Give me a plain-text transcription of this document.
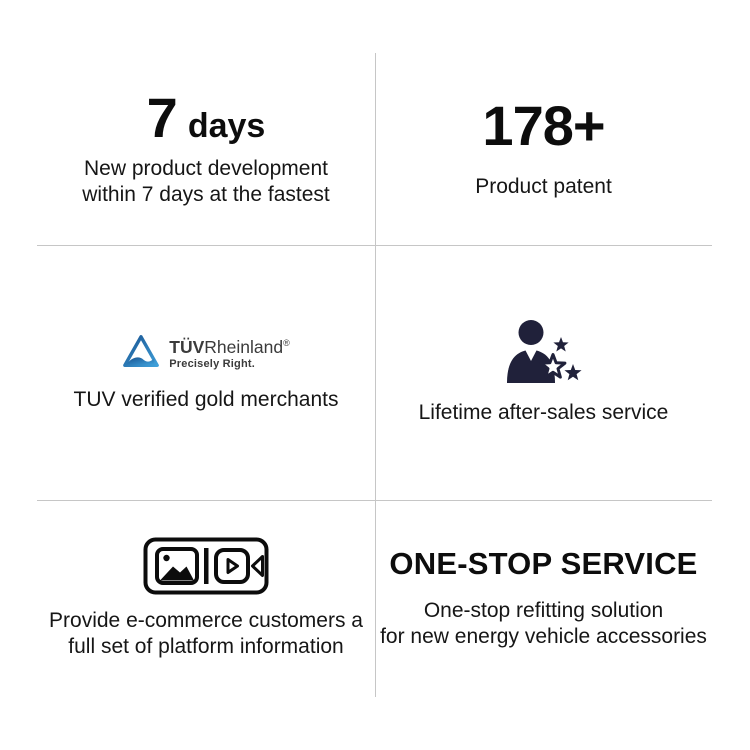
7 days

New product development
within 7 days at the fastest

178+

Product patent

TÜVRheinland®
Precisely Right.

TUV verified gold merchants

Lifetime after-sales service

Provide e-commerce customers a
full set of platform information

ONE-STOP SERVICE

One-stop refitting solution
for new energy vehicle accessories
